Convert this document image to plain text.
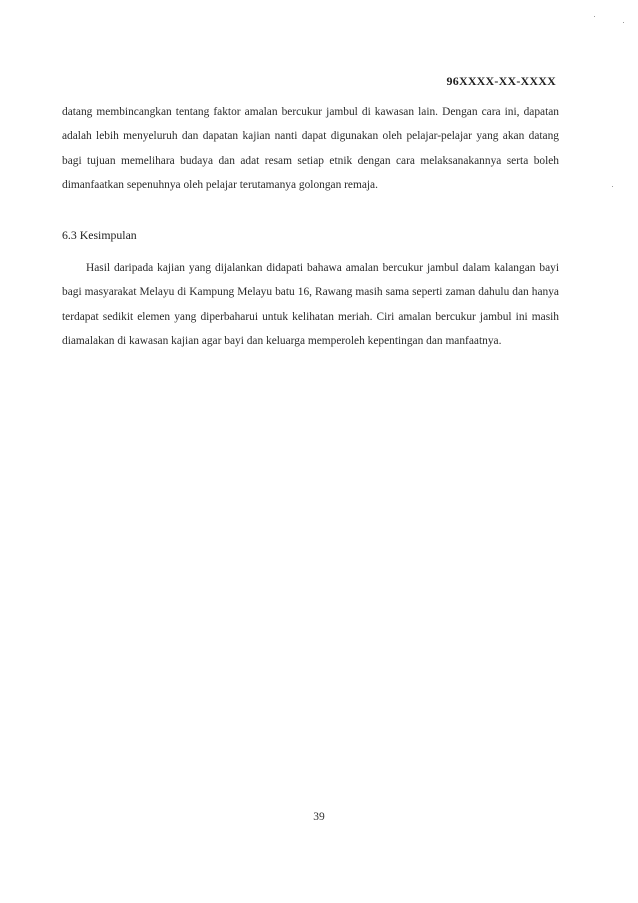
96XXXX-XX-XXXX
datang membincangkan tentang faktor amalan bercukur jambul di kawasan lain. Dengan cara ini, dapatan adalah lebih menyeluruh dan dapatan kajian nanti dapat digunakan oleh pelajar-pelajar yang akan datang bagi tujuan memelihara budaya dan adat resam setiap etnik dengan cara melaksanakannya serta boleh dimanfaatkan sepenuhnya oleh pelajar terutamanya golongan remaja.
6.3 Kesimpulan
Hasil daripada kajian yang dijalankan didapati bahawa amalan bercukur jambul dalam kalangan bayi bagi masyarakat Melayu di Kampung Melayu batu 16, Rawang masih sama seperti zaman dahulu dan hanya terdapat sedikit elemen yang diperbaharui untuk kelihatan meriah. Ciri amalan bercukur jambul ini masih diamalakan di kawasan kajian agar bayi dan keluarga memperoleh kepentingan dan manfaatnya.
39
